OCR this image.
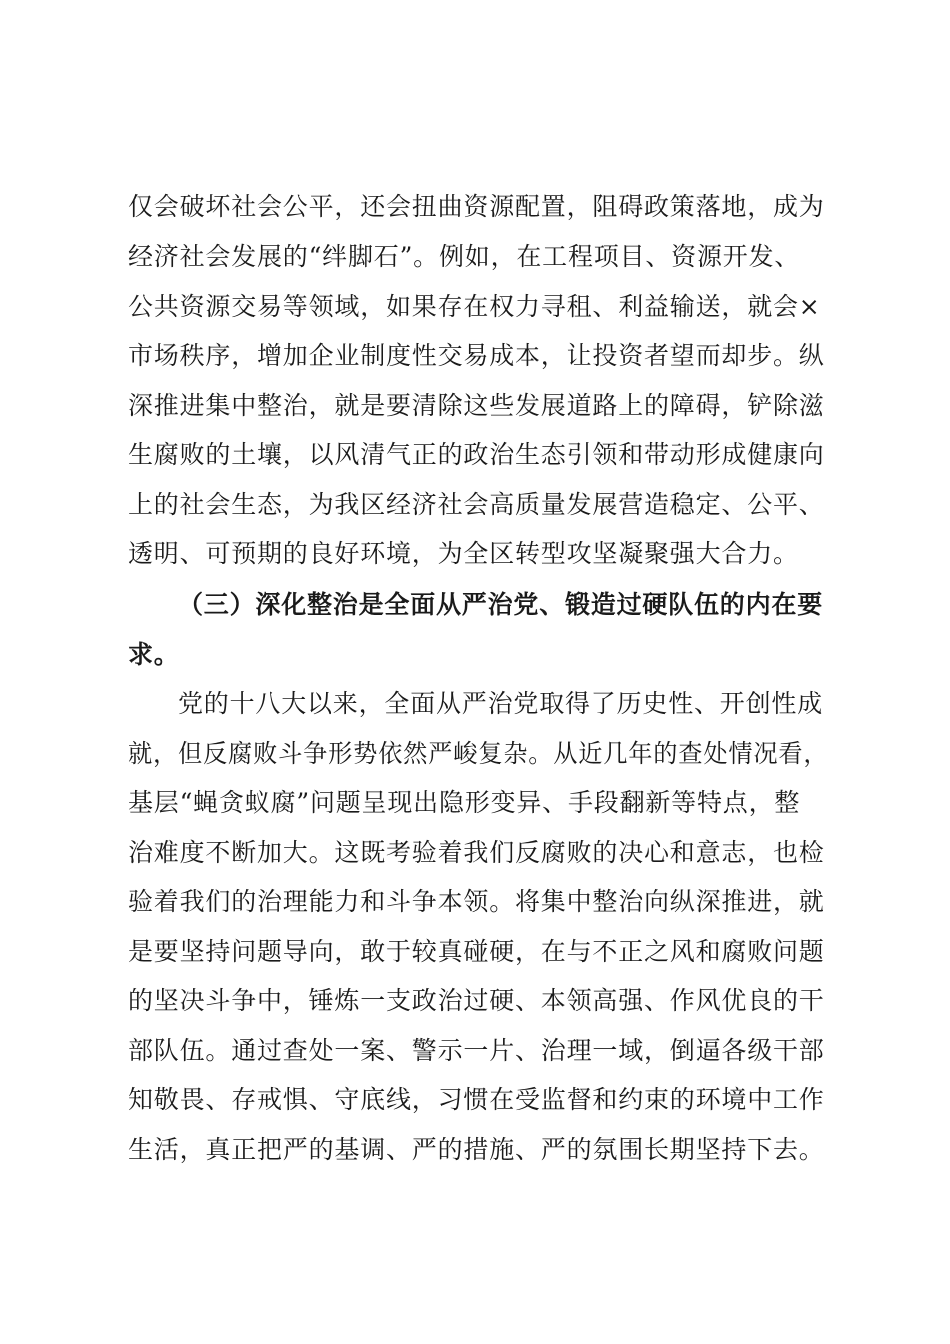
仅会破坏社会公平，还会扭曲资源配置，阻碍政策落地，成为
经济社会发展的“绊脚石”。例如，在工程项目、资源开发、
公共资源交易等领域，如果存在权力寻租、利益输送，就会×
市场秩序，增加企业制度性交易成本，让投资者望而却步。纵
深推进集中整治，就是要清除这些发展道路上的障碍，铲除滋
生腐败的土壤，以风清气正的政治生态引领和带动形成健康向
上的社会生态，为我区经济社会高质量发展营造稳定、公平、
透明、可预期的良好环境，为全区转型攻坚凝聚强大合力。
（三）深化整治是全面从严治党、锻造过硬队伍的内在要
求。
党的十八大以来，全面从严治党取得了历史性、开创性成
就，但反腐败斗争形势依然严峻复杂。从近几年的查处情况看，
基层“蝇贪蚁腐”问题呈现出隐形变异、手段翻新等特点，整
治难度不断加大。这既考验着我们反腐败的决心和意志，也检
验着我们的治理能力和斗争本领。将集中整治向纵深推进，就
是要坚持问题导向，敢于较真碰硬，在与不正之风和腐败问题
的坚决斗争中，锤炼一支政治过硬、本领高强、作风优良的干
部队伍。通过查处一案、警示一片、治理一域，倒逼各级干部
知敬畏、存戒惧、守底线，习惯在受监督和约束的环境中工作
生活，真正把严的基调、严的措施、严的氛围长期坚持下去。
